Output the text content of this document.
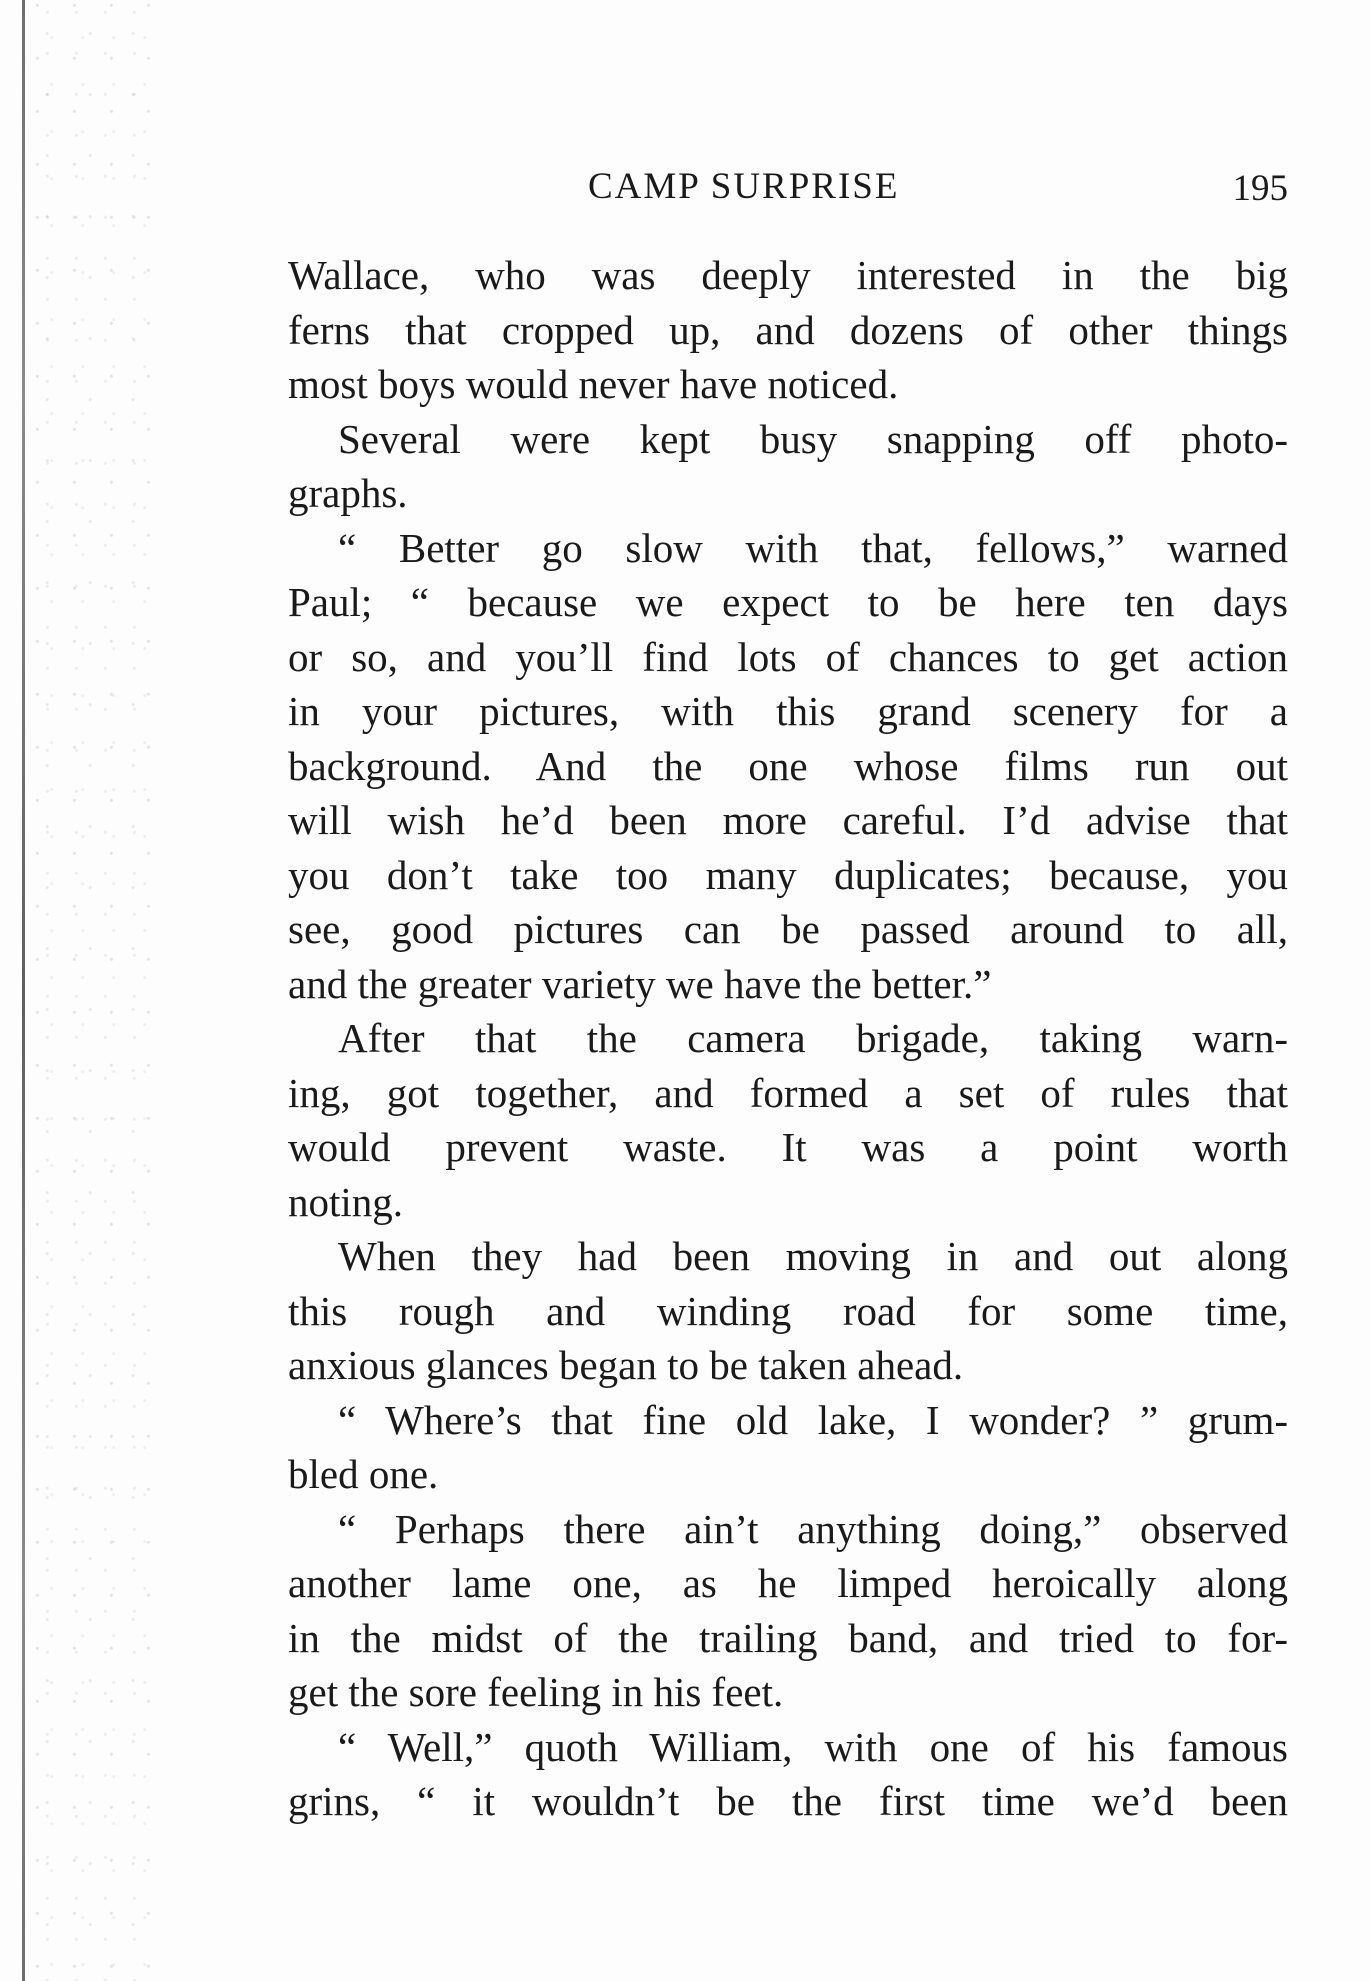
CAMP SURPRISE	195
Wallace, who was deeply interested in the big
ferns that cropped up, and dozens of other things
most boys would never have noticed.
Several were kept busy snapping off photo-
graphs.
“ Better go slow with that, fellows,” warned
Paul; “ because we expect to be here ten days
or so, and you’ll find lots of chances to get action
in your pictures, with this grand scenery for a
background. And the one whose films run out
will wish he’d been more careful. I’d advise that
you don’t take too many duplicates; because, you
see, good pictures can be passed around to all,
and the greater variety we have the better.”
After that the camera brigade, taking warn-
ing, got together, and formed a set of rules that
would prevent waste. It was a point worth
noting.
When they had been moving in and out along
this rough and winding road for some time,
anxious glances began to be taken ahead.
“ Where’s that fine old lake, I wonder? ” grum-
bled one.
“ Perhaps there ain’t anything doing,” observed
another lame one, as he limped heroically along
in the midst of the trailing band, and tried to for-
get the sore feeling in his feet.
“ Well,” quoth William, with one of his famous
grins, “ it wouldn’t be the first time we’d been
